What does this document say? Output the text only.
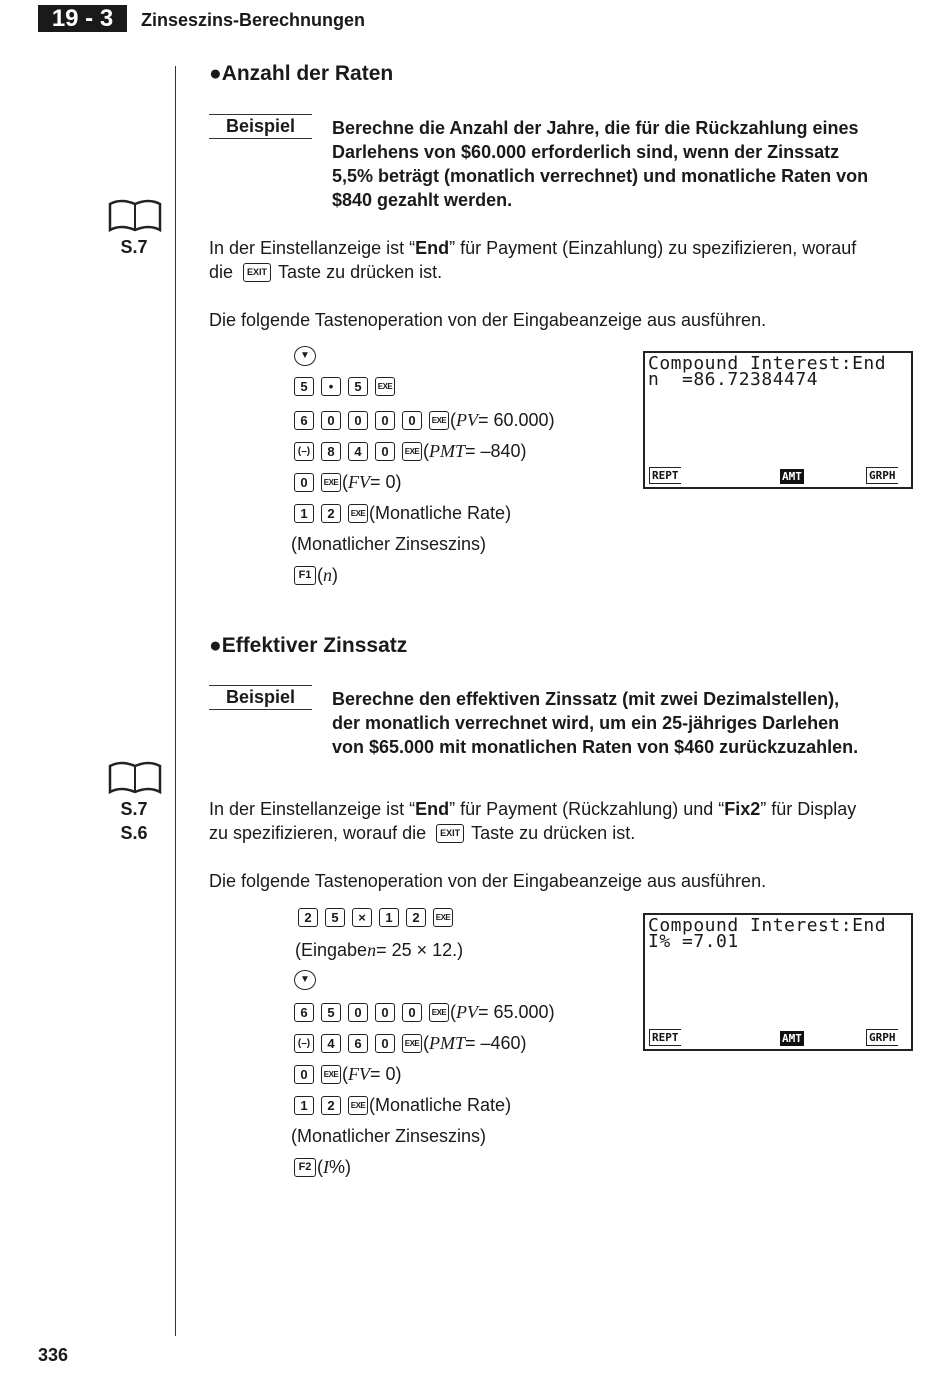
19 - 3	Zinseszins-Berechnungen
●Anzahl der Raten
Beispiel	Berechne die Anzahl der Jahre, die für die Rückzahlung eines
Darlehens von $60.000 erforderlich sind, wenn der Zinssatz
5,5% beträgt (monatlich verrechnet) und monatliche Raten von
$840 gezahlt werden.
S.7	In der Einstellanzeige ist “End” für Payment (Einzahlung) zu spezifizieren, worauf
die
	EXIT Taste zu drücken ist.
Die folgende Tastenoperation von der Eingabeanzeige aus ausführen.
▼
5	•	5	EXE
6	0	0	0	0	EXE ( PV = 60.000)
(–)	8	4	0	EXE ( PMT = –840)
0	EXE ( FV = 0)
1	2	EXE (Monatliche Rate)
(Monatlicher Zinseszins)
F1 ( n )
Compound Interest:End
n  =86.72384474
REPT	AMT	GRPH
●Effektiver Zinssatz
Beispiel	Berechne den effektiven Zinssatz (mit zwei Dezimalstellen),
der monatlich verrechnet wird, um ein 25-jähriges Darlehen
von $65.000 mit monatlichen Raten von $460 zurückzuzahlen.
S.7
S.6
In der Einstellanzeige ist “End” für Payment (Rückzahlung) und “Fix2” für Display
zu spezifizieren, worauf die
	EXIT Taste zu drücken ist.
Die folgende Tastenoperation von der Eingabeanzeige aus ausführen.
2	5	×	1	2	EXE
(Eingabe n = 25 × 12.)
▼
6	5	0	0	0	EXE ( PV = 65.000)
(–)	4	6	0	EXE ( PMT = –460)
0	EXE ( FV = 0)
1	2	EXE (Monatliche Rate)
(Monatlicher Zinseszins)
F2 ( I % )
Compound Interest:End
I% =7.01
REPT	AMT	GRPH
336
